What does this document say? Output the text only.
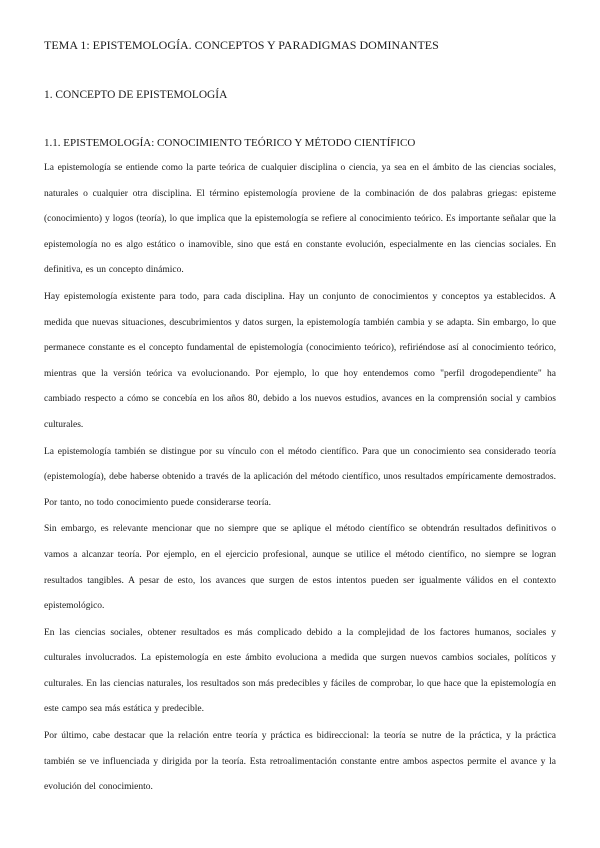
TEMA 1: EPISTEMOLOGÍA. CONCEPTOS Y PARADIGMAS DOMINANTES
1. CONCEPTO DE EPISTEMOLOGÍA
1.1. EPISTEMOLOGÍA: CONOCIMIENTO TEÓRICO Y MÉTODO CIENTÍFICO

La epistemología se entiende como la parte teórica de cualquier disciplina o ciencia, ya sea en el ámbito de las ciencias sociales, naturales o cualquier otra disciplina. El término epistemología proviene de la combinación de dos palabras griegas: episteme (conocimiento) y logos (teoría), lo que implica que la epistemología se refiere al conocimiento teórico. Es importante señalar que la epistemología no es algo estático o inamovible, sino que está en constante evolución, especialmente en las ciencias sociales. En definitiva, es un concepto dinámico.

Hay epistemología existente para todo, para cada disciplina. Hay un conjunto de conocimientos y conceptos ya establecidos. A medida que nuevas situaciones, descubrimientos y datos surgen, la epistemología también cambia y se adapta. Sin embargo, lo que permanece constante es el concepto fundamental de epistemología (conocimiento teórico), refiriéndose así al conocimiento teórico, mientras que la versión teórica va evolucionando. Por ejemplo, lo que hoy entendemos como "perfil drogodependiente" ha cambiado respecto a cómo se concebía en los años 80, debido a los nuevos estudios, avances en la comprensión social y cambios culturales.

La epistemología también se distingue por su vínculo con el método científico. Para que un conocimiento sea considerado teoría (epistemología), debe haberse obtenido a través de la aplicación del método científico, unos resultados empíricamente demostrados. Por tanto, no todo conocimiento puede considerarse teoría.

Sin embargo, es relevante mencionar que no siempre que se aplique el método científico se obtendrán resultados definitivos o vamos a alcanzar teoría. Por ejemplo, en el ejercicio profesional, aunque se utilice el método científico, no siempre se logran resultados tangibles. A pesar de esto, los avances que surgen de estos intentos pueden ser igualmente válidos en el contexto epistemológico.

En las ciencias sociales, obtener resultados es más complicado debido a la complejidad de los factores humanos, sociales y culturales involucrados. La epistemología en este ámbito evoluciona a medida que surgen nuevos cambios sociales, políticos y culturales. En las ciencias naturales, los resultados son más predecibles y fáciles de comprobar, lo que hace que la epistemología en este campo sea más estática y predecible.

Por último, cabe destacar que la relación entre teoría y práctica es bidireccional: la teoría se nutre de la práctica, y la práctica también se ve influenciada y dirigida por la teoría. Esta retroalimentación constante entre ambos aspectos permite el avance y la evolución del conocimiento.
